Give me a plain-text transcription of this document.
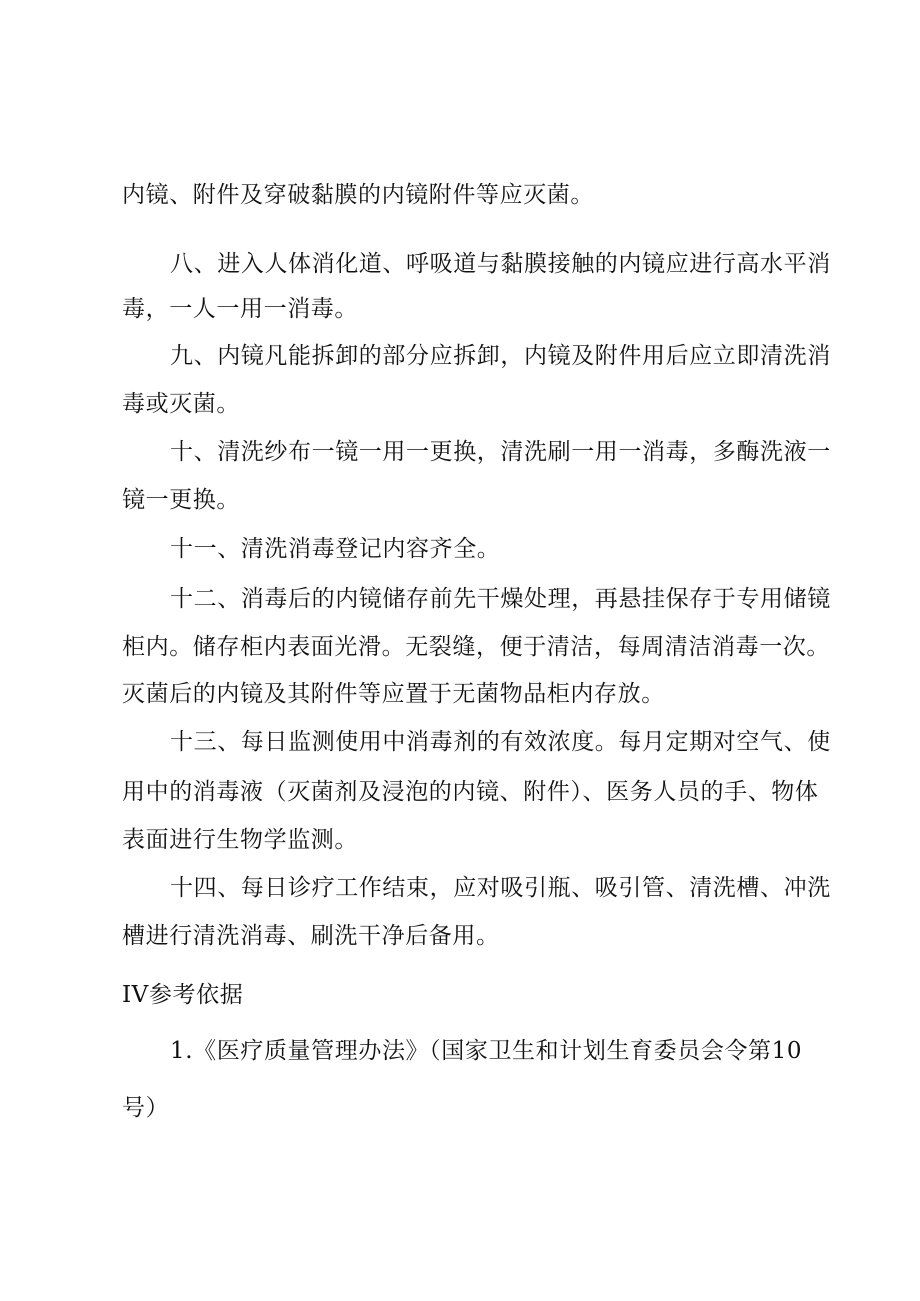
内镜、附件及穿破黏膜的内镜附件等应灭菌。
八、进入人体消化道、呼吸道与黏膜接触的内镜应进行高水平消
毒，一人一用一消毒。
九、内镜凡能拆卸的部分应拆卸，内镜及附件用后应立即清洗消
毒或灭菌。
十、清洗纱布一镜一用一更换，清洗刷一用一消毒，多酶洗液一
镜一更换。
十一、清洗消毒登记内容齐全。
十二、消毒后的内镜储存前先干燥处理，再悬挂保存于专用储镜
柜内。储存柜内表面光滑。无裂缝，便于清洁，每周清洁消毒一次。
灭菌后的内镜及其附件等应置于无菌物品柜内存放。
十三、每日监测使用中消毒剂的有效浓度。每月定期对空气、使
用中的消毒液（灭菌剂及浸泡的内镜、附件）、医务人员的手、物体
表面进行生物学监测。
十四、每日诊疗工作结束，应对吸引瓶、吸引管、清洗槽、冲洗
槽进行清洗消毒、刷洗干净后备用。
IV参考依据
1.《医疗质量管理办法》（国家卫生和计划生育委员会令第10
号）
